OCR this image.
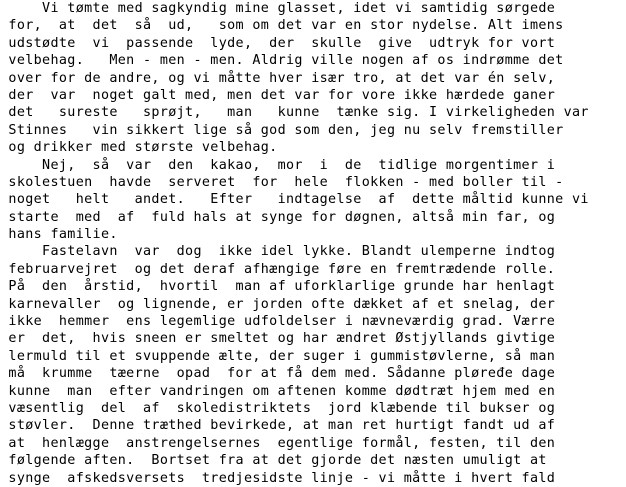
Vi tømte med sagkyndig mine glasset, idet vi samtidig sørgede
for,  at  det  så  ud,   som om det var en stor nydelse. Alt imens
udstødte  vi  passende  lyde,  der  skulle  give  udtryk for vort
velbehag.   Men - men - men. Aldrig ville nogen af os indrømme det
over for de andre, og vi måtte hver især tro, at det var én selv,
der  var  noget galt med, men det var for vore ikke hærdede ganer
det   sureste   sprøjt,   man   kunne  tænke sig. I virkeligheden var
Stinnes   vin sikkert lige så god som den, jeg nu selv fremstiller
og drikker med største velbehag.
Nej,  så  var  den  kakao,  mor  i  de  tidlige morgentimer i
skolestuen  havde  serveret  for  hele  flokken - med boller til -
noget   helt   andet.   Efter   indtagelse  af  dette måltid kunne vi
starte  med  af  fuld hals at synge for døgnen, altså min far, og
hans familie.
Fastelavn  var  dog  ikke idel lykke. Blandt ulemperne indtog
februarvejret  og det deraf afhængige føre en fremtrædende rolle.
På  den  årstid,  hvortil  man af uforklarlige grunde har henlagt
karnevaller  og lignende, er jorden ofte dækket af et snelag, der
ikke  hemmer  ens legemlige udfoldelser i nævneværdig grad. Værre
er  det,  hvis sneen er smeltet og har ændret Østjyllands givtige
lermuld til et svuppende ælte, der suger i gummistøvlerne, så man
må  krumme  tæerne  opad  for at få dem med. Sådanne pløređe dage
kunne  man  efter vandringen om aftenen komme dødtræt hjem med en
væsentlig  del  af  skoledistriktets  jord klæbende til bukser og
støvler.  Denne træthed bevirkede, at man ret hurtigt fandt ud af
at  henlægge  anstrengelsernes  egentlige formål, festen, til den
følgende aften.  Bortset fra at det gjorde det næsten umuligt at
synge  afskedsversets  tredjesidste linje - vi måtte i hvert fald
